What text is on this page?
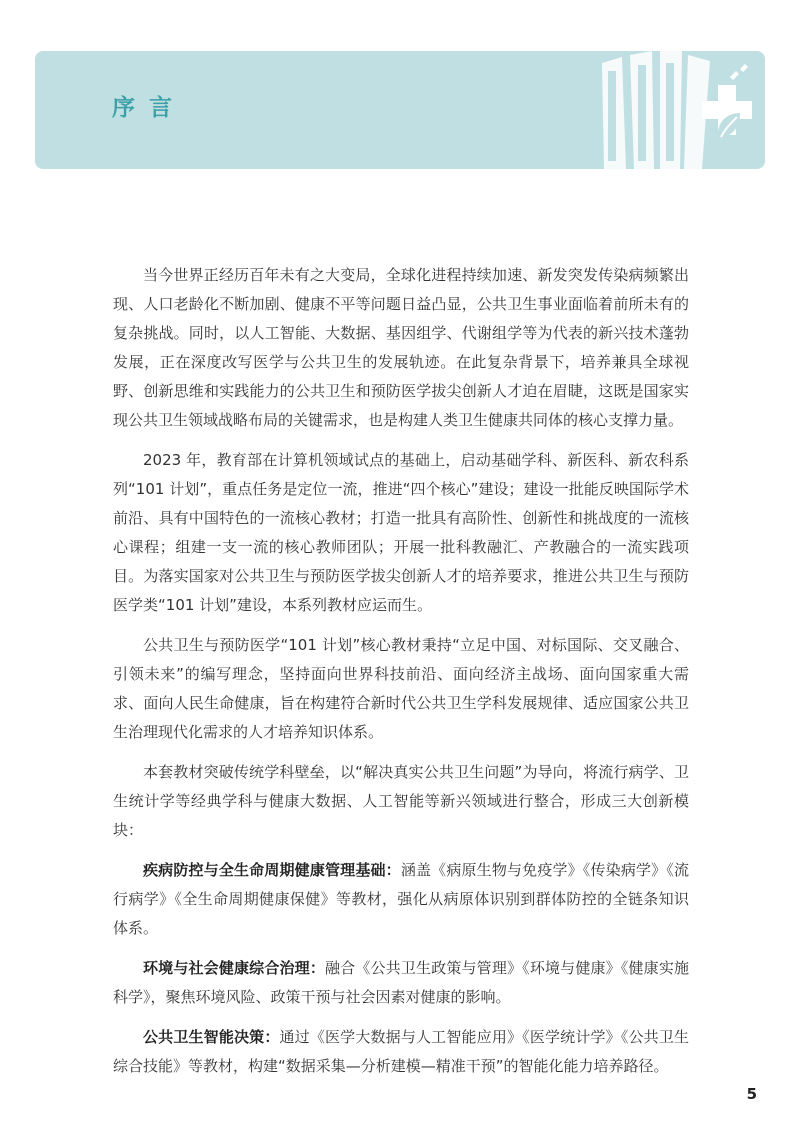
序言

当今世界正经历百年未有之大变局，全球化进程持续加速、新发突发传染病频繁出现、人口老龄化不断加剧、健康不平等问题日益凸显，公共卫生事业面临着前所未有的复杂挑战。同时，以人工智能、大数据、基因组学、代谢组学等为代表的新兴技术蓬勃发展，正在深度改写医学与公共卫生的发展轨迹。在此复杂背景下，培养兼具全球视野、创新思维和实践能力的公共卫生和预防医学拔尖创新人才迫在眉睫，这既是国家实现公共卫生领域战略布局的关键需求，也是构建人类卫生健康共同体的核心支撑力量。

2023 年，教育部在计算机领域试点的基础上，启动基础学科、新医科、新农科系列“101 计划”，重点任务是定位一流，推进“四个核心”建设；建设一批能反映国际学术前沿、具有中国特色的一流核心教材；打造一批具有高阶性、创新性和挑战度的一流核心课程；组建一支一流的核心教师团队；开展一批科教融汇、产教融合的一流实践项目。为落实国家对公共卫生与预防医学拔尖创新人才的培养要求，推进公共卫生与预防医学类“101 计划”建设，本系列教材应运而生。

公共卫生与预防医学“101 计划”核心教材秉持“立足中国、对标国际、交叉融合、引领未来”的编写理念，坚持面向世界科技前沿、面向经济主战场、面向国家重大需求、面向人民生命健康，旨在构建符合新时代公共卫生学科发展规律、适应国家公共卫生治理现代化需求的人才培养知识体系。

本套教材突破传统学科壁垒，以“解决真实公共卫生问题”为导向，将流行病学、卫生统计学等经典学科与健康大数据、人工智能等新兴领域进行整合，形成三大创新模块：

疾病防控与全生命周期健康管理基础：涵盖《病原生物与免疫学》《传染病学》《流行病学》《全生命周期健康保健》等教材，强化从病原体识别到群体防控的全链条知识体系。

环境与社会健康综合治理：融合《公共卫生政策与管理》《环境与健康》《健康实施科学》，聚焦环境风险、政策干预与社会因素对健康的影响。

公共卫生智能决策：通过《医学大数据与人工智能应用》《医学统计学》《公共卫生综合技能》等教材，构建“数据采集—分析建模—精准干预”的智能化能力培养路径。

5
